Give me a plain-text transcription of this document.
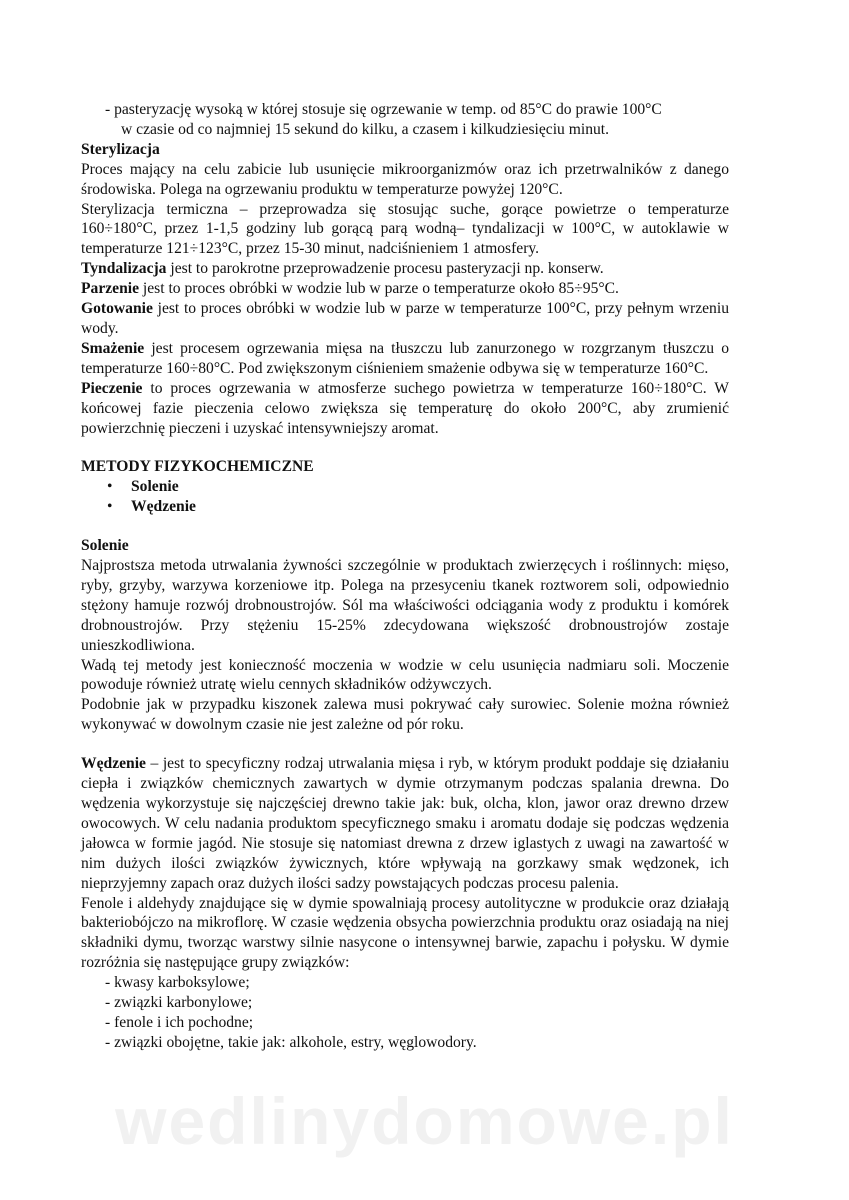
- pasteryzację wysoką w której stosuje się ogrzewanie w temp. od 85°C do prawie 100°C

w czasie od co najmniej 15 sekund do kilku, a czasem i kilkudziesięciu minut.

Sterylizacja

Proces mający na celu zabicie lub usunięcie mikroorganizmów oraz ich przetrwalników z danego środowiska. Polega na ogrzewaniu produktu w temperaturze powyżej 120°C.

Sterylizacja termiczna – przeprowadza się stosując suche, gorące powietrze o temperaturze 160÷180°C, przez 1-1,5 godziny lub gorącą parą wodną– tyndalizacji w 100°C, w autoklawie w temperaturze 121÷123°C, przez 15-30 minut, nadciśnieniem 1 atmosfery.

Tyndalizacja jest to parokrotne przeprowadzenie procesu pasteryzacji np. konserw.

Parzenie jest to proces obróbki w wodzie lub w parze o temperaturze około 85÷95°C.

Gotowanie jest to proces obróbki w wodzie lub w parze w temperaturze 100°C, przy pełnym wrzeniu wody.

Smażenie jest procesem ogrzewania mięsa na tłuszczu lub zanurzonego w rozgrzanym tłuszczu o temperaturze 160÷80°C. Pod zwiększonym ciśnieniem smażenie odbywa się w temperaturze 160°C.

Pieczenie to proces ogrzewania w atmosferze suchego powietrza w temperaturze 160÷180°C. W końcowej fazie pieczenia celowo zwiększa się temperaturę do około 200°C, aby zrumienić powierzchnię pieczeni i uzyskać intensywniejszy aromat.

METODY FIZYKOCHEMICZNE

• Solenie
• Wędzenie

Solenie

Najprostsza metoda utrwalania żywności szczególnie w produktach zwierzęcych i roślinnych: mięso, ryby, grzyby, warzywa korzeniowe itp. Polega na przesyceniu tkanek roztworem soli, odpowiednio stężony hamuje rozwój drobnoustrojów. Sól ma właściwości odciągania wody z produktu i komórek drobnoustrojów. Przy stężeniu 15-25% zdecydowana większość drobnoustrojów zostaje unieszkodliwiona.

Wadą tej metody jest konieczność moczenia w wodzie w celu usunięcia nadmiaru soli. Moczenie powoduje również utratę wielu cennych składników odżywczych.

Podobnie jak w przypadku kiszonek zalewa musi pokrywać cały surowiec. Solenie można również wykonywać w dowolnym czasie nie jest zależne od pór roku.

Wędzenie – jest to specyficzny rodzaj utrwalania mięsa i ryb, w którym produkt poddaje się działaniu ciepła i związków chemicznych zawartych w dymie otrzymanym podczas spalania drewna. Do wędzenia wykorzystuje się najczęściej drewno takie jak: buk, olcha, klon, jawor oraz drewno drzew owocowych. W celu nadania produktom specyficznego smaku i aromatu dodaje się podczas wędzenia jałowca w formie jagód. Nie stosuje się natomiast drewna z drzew iglastych z uwagi na zawartość w nim dużych ilości związków żywicznych, które wpływają na gorzkawy smak wędzonek, ich nieprzyjemny zapach oraz dużych ilości sadzy powstających podczas procesu palenia.

Fenole i aldehydy znajdujące się w dymie spowalniają procesy autolityczne w produkcie oraz działają bakteriobójczo na mikroflorę. W czasie wędzenia obsycha powierzchnia produktu oraz osiadają na niej składniki dymu, tworząc warstwy silnie nasycone o intensywnej barwie, zapachu i połysku. W dymie rozróżnia się następujące grupy związków:

- kwasy karboksylowe;
- związki karbonylowe;
- fenole i ich pochodne;
- związki obojętne, takie jak: alkohole, estry, węglowodory.
wedlinydomowe.pl
